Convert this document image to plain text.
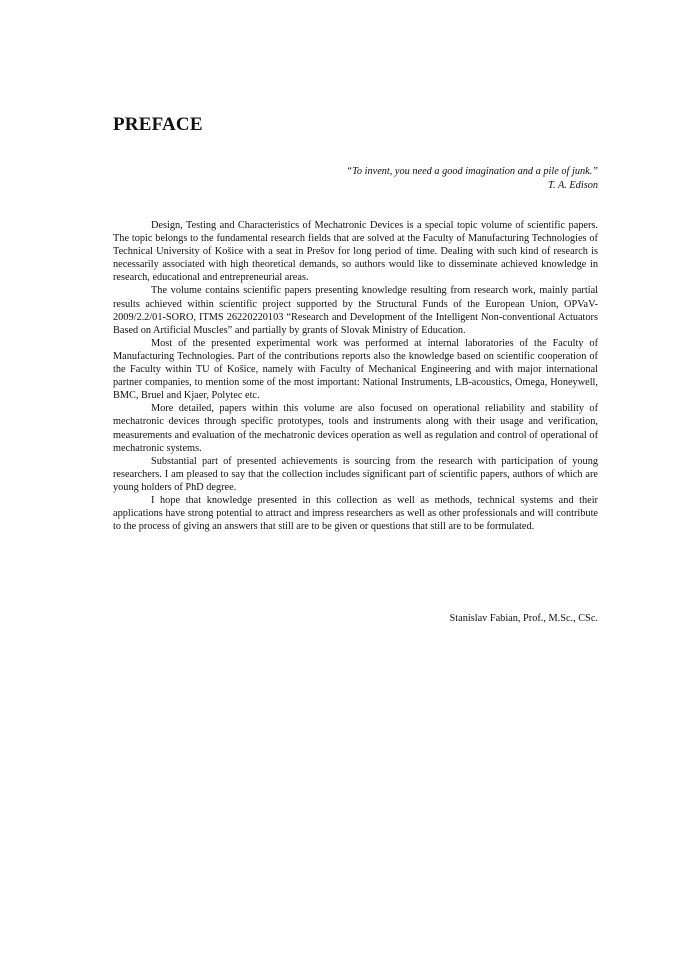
PREFACE
“To invent, you need a good imagination and a pile of junk.”
T. A. Edison

Design, Testing and Characteristics of Mechatronic Devices is a special topic volume of scientific papers. The topic belongs to the fundamental research fields that are solved at the Faculty of Manufacturing Technologies of Technical University of Košice with a seat in Prešov for long period of time. Dealing with such kind of research is necessarily associated with high theoretical demands, so authors would like to disseminate achieved knowledge in research, educational and entrepreneurial areas.

The volume contains scientific papers presenting knowledge resulting from research work, mainly partial results achieved within scientific project supported by the Structural Funds of the European Union, OPVaV-2009/2.2/01-SORO, ITMS 26220220103 “Research and Development of the Intelligent Non-conventional Actuators Based on Artificial Muscles” and partially by grants of Slovak Ministry of Education.

Most of the presented experimental work was performed at internal laboratories of the Faculty of Manufacturing Technologies. Part of the contributions reports also the knowledge based on scientific cooperation of the Faculty within TU of Košice, namely with Faculty of Mechanical Engineering and with major international partner companies, to mention some of the most important: National Instruments, LB-acoustics, Omega, Honeywell, BMC, Bruel and Kjaer, Polytec etc.

More detailed, papers within this volume are also focused on operational reliability and stability of mechatronic devices through specific prototypes, tools and instruments along with their usage and verification, measurements and evaluation of the mechatronic devices operation as well as regulation and control of operational of mechatronic systems.

Substantial part of presented achievements is sourcing from the research with participation of young researchers. I am pleased to say that the collection includes significant part of scientific papers, authors of which are young holders of PhD degree.

I hope that knowledge presented in this collection as well as methods, technical systems and their applications have strong potential to attract and impress researchers as well as other professionals and will contribute to the process of giving an answers that still are to be given or questions that still are to be formulated.

Stanislav Fabian, Prof., M.Sc., CSc.
